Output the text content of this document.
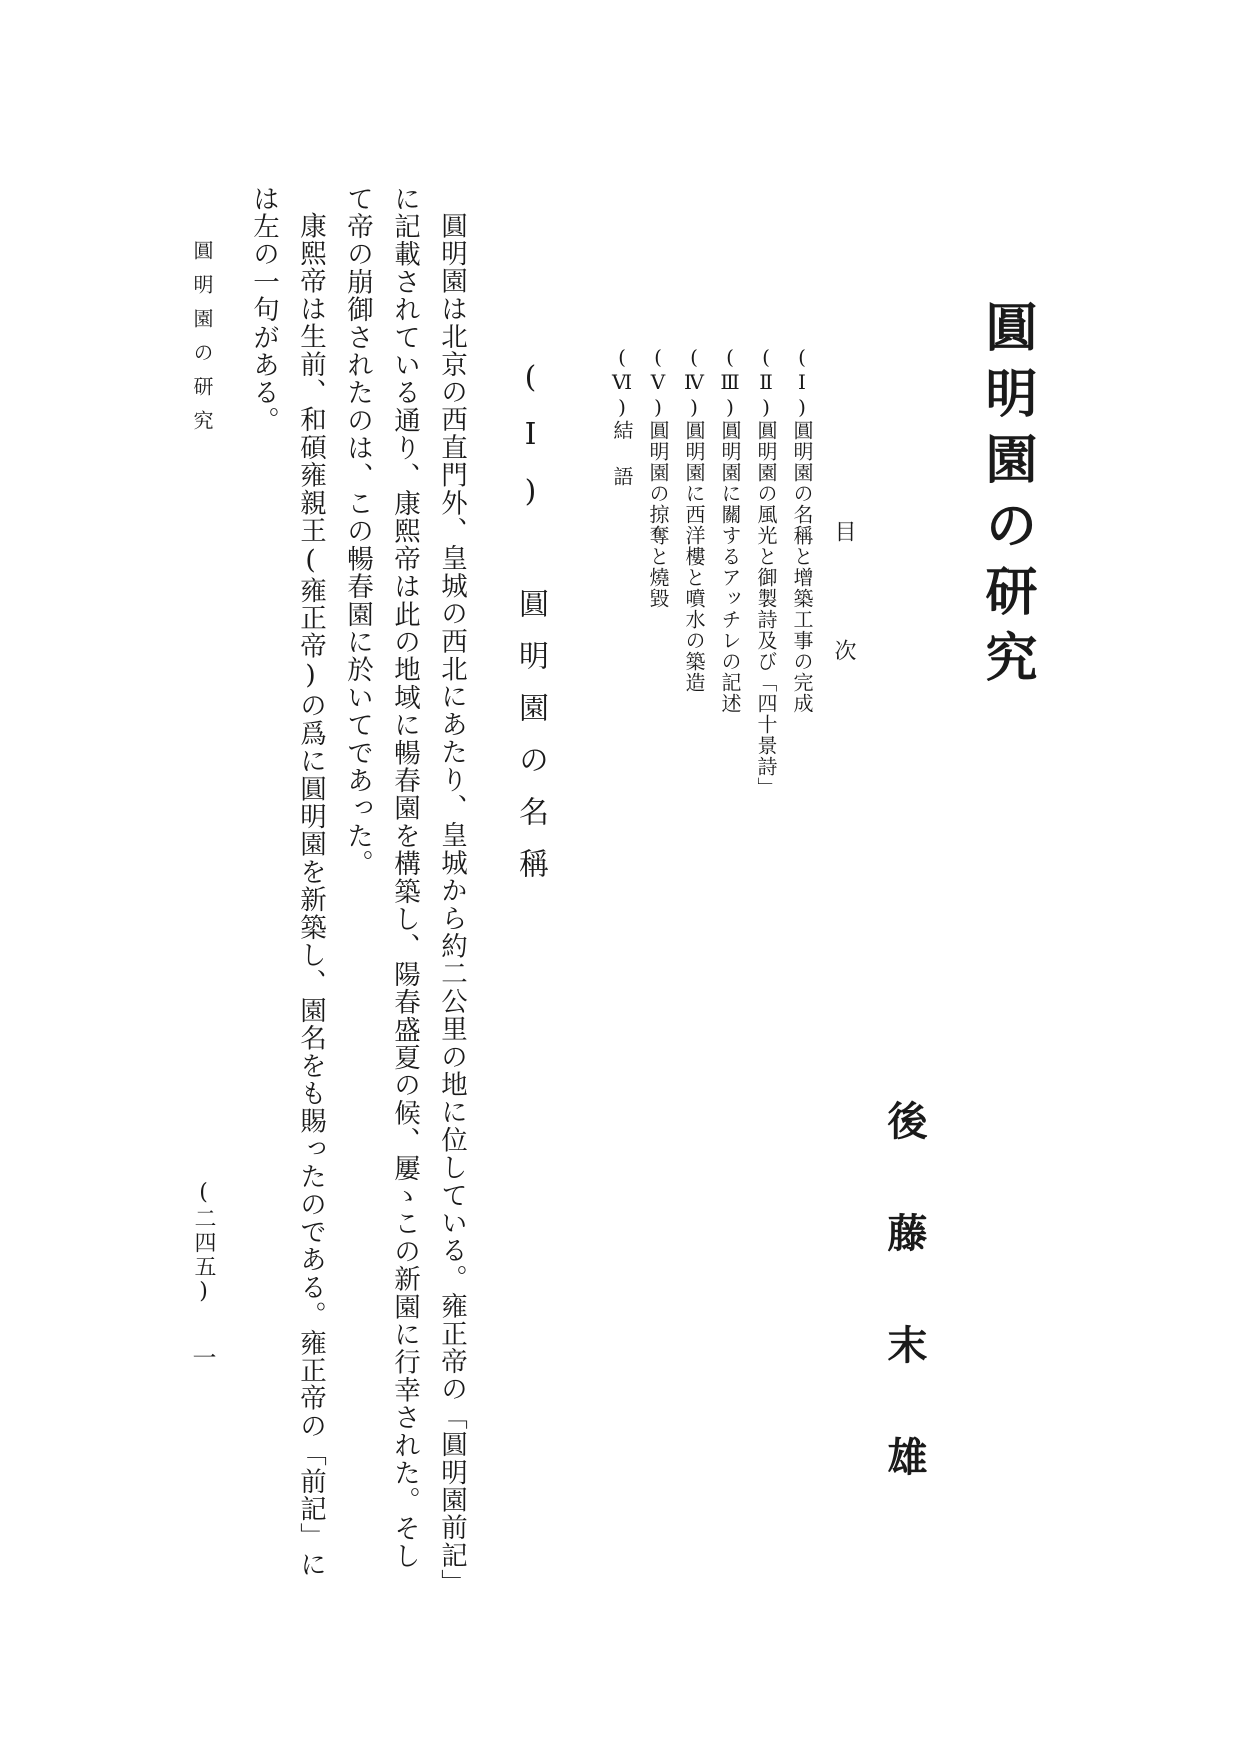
圓明園の研究
後藤末雄
目 次
(Ⅰ)圓明園の名稱と增築工事の完成
(Ⅱ)圓明園の風光と御製詩及び「四十景詩」
(Ⅲ)圓明園に關するアッチレの記述
(Ⅳ)圓明園に西洋樓と噴水の築造
(Ⅴ)圓明園の掠奪と燒毀
(Ⅵ)結 語
(Ⅰ) 圓明園の名稱

圓明園は北京の西直門外、皇城の西北にあたり、皇城から約二公里の地に位している。雍正帝の「圓明園前記」に記載されている通り、康熙帝は此の地域に暢春園を構築し、陽春盛夏の候、屢ゝこの新園に行幸された。そして帝の崩御されたのは、この暢春園に於いてであった。

康熙帝は生前、和碩雍親王(雍正帝)の爲に圓明園を新築し、園名をも賜ったのである。雍正帝の「前記」には左の一句がある。

圓明園の研究
(二四五)
一
